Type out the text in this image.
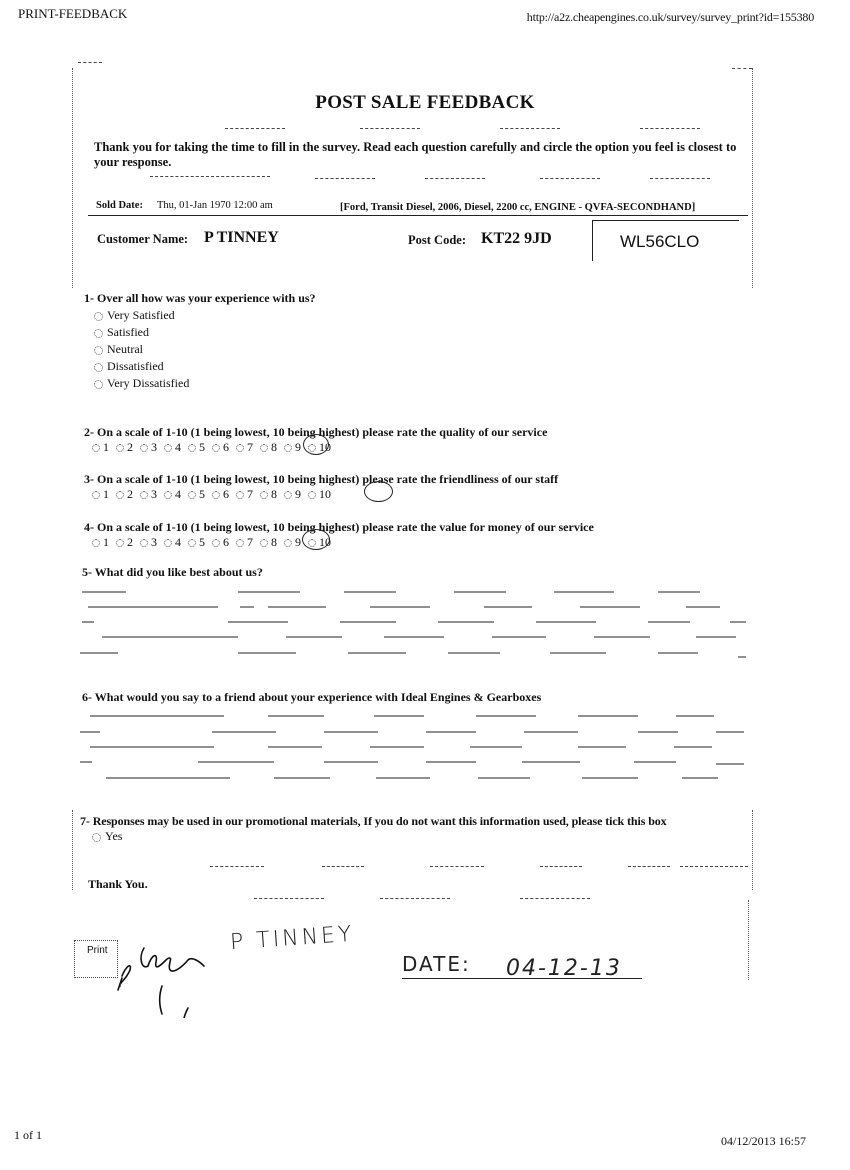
PRINT-FEEDBACK	http://a2z.cheapengines.co.uk/survey/survey_print?id=155380
1 of 1	04/12/2013 16:57
POST SALE FEEDBACK
Thank you for taking the time to fill in the survey. Read each question carefully and circle the option you feel is closest to your response.
Sold Date: Thu, 01-Jan 1970 12:00 am	[Ford, Transit Diesel, 2006, Diesel, 2200 cc, ENGINE - QVFA-SECONDHAND]
Customer Name: P TINNEY	Post Code: KT22 9JD	WL56CLO
1- Over all how was your experience with us?
Very Satisfied
Satisfied
Neutral
Dissatisfied
Very Dissatisfied
2- On a scale of 1-10 (1 being lowest, 10 being highest) please rate the quality of our service
1 2 3 4 5 6 7 8 9 10
3- On a scale of 1-10 (1 being lowest, 10 being highest) please rate the friendliness of our staff
1 2 3 4 5 6 7 8 9 10
4- On a scale of 1-10 (1 being lowest, 10 being highest) please rate the value for money of our service
1 2 3 4 5 6 7 8 9 10
5- What did you like best about us?
6- What would you say to a friend about your experience with Ideal Engines & Gearboxes
7- Responses may be used in our promotional materials, If you do not want this information used, please tick this box
Yes
Thank You.
Print	P TINNEY
DATE: 04-12-13
